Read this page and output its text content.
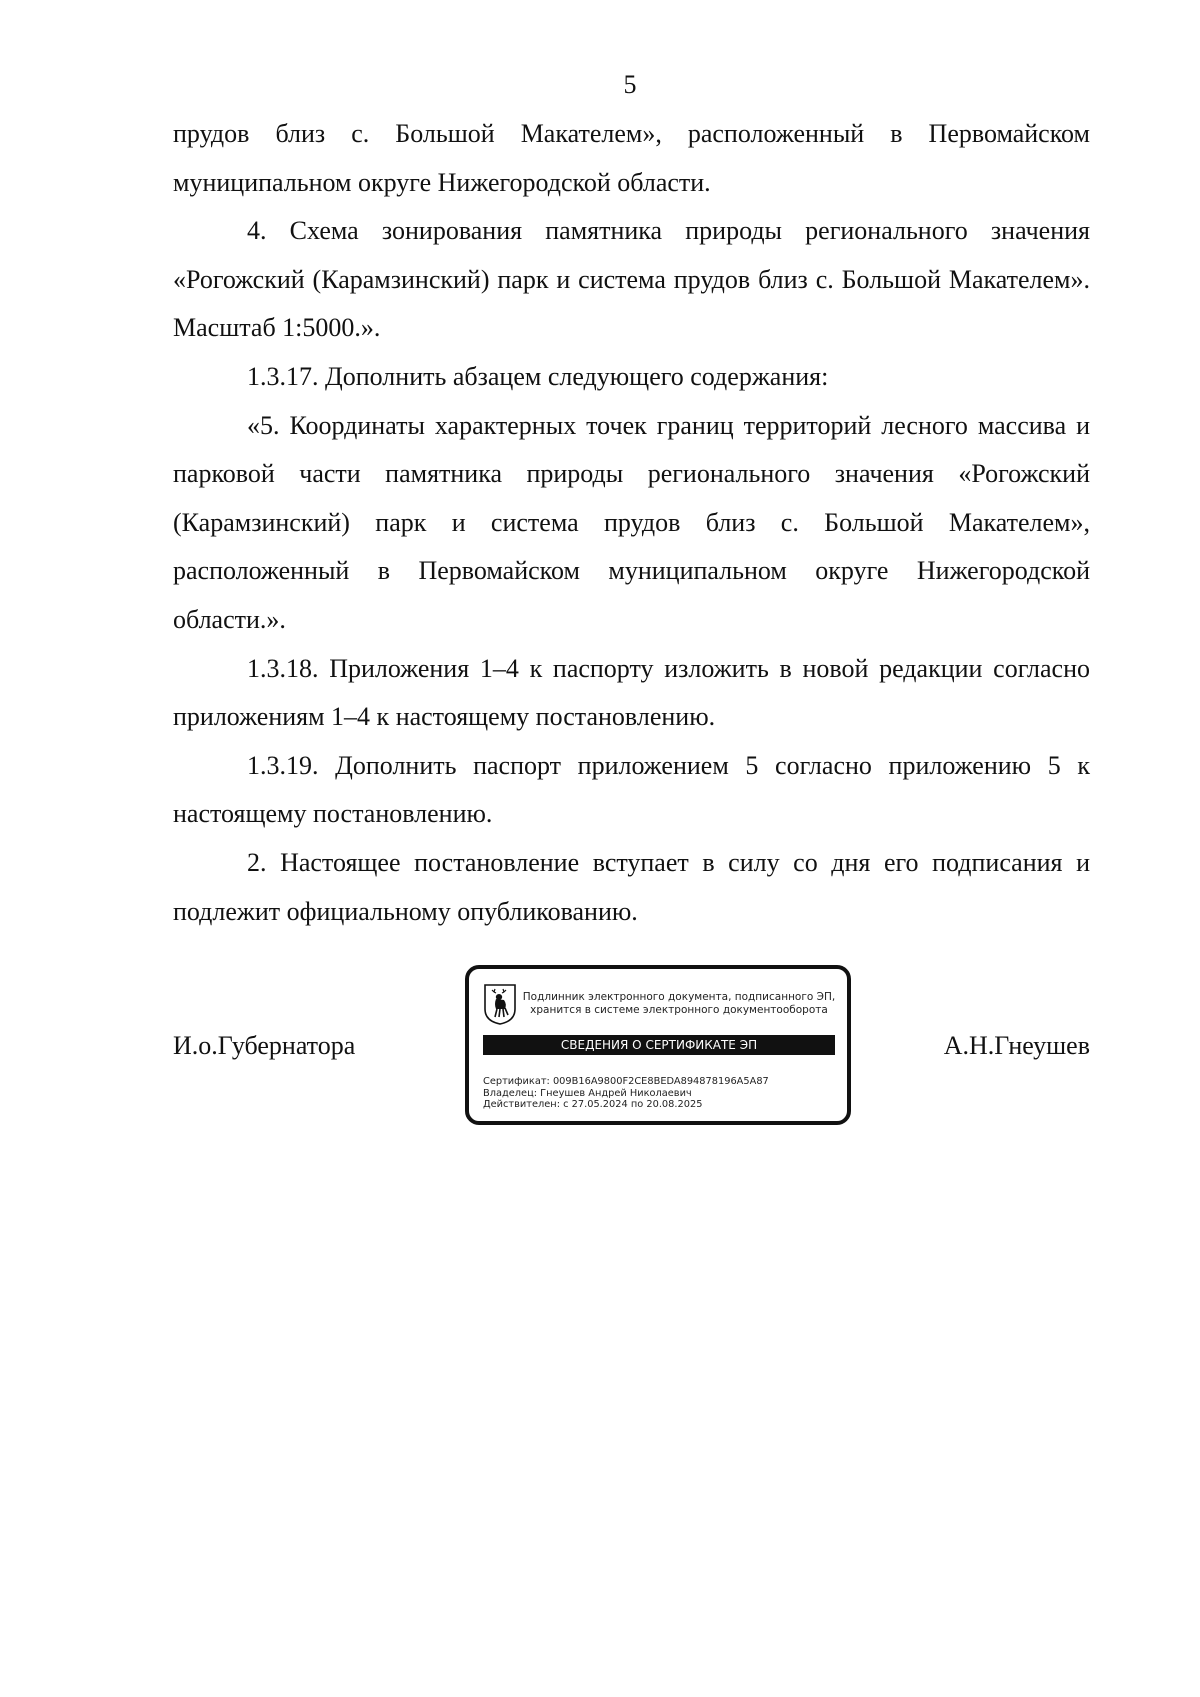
5

прудов близ с. Большой Макателем», расположенный в Первомайском муниципальном округе Нижегородской области.

4. Схема зонирования памятника природы регионального значения «Рогожский (Карамзинский) парк и система прудов близ с. Большой Макателем». Масштаб 1:5000.».

1.3.17. Дополнить абзацем следующего содержания:

«5. Координаты характерных точек границ территорий лесного массива и парковой части памятника природы регионального значения «Рогожский (Карамзинский) парк и система прудов близ с. Большой Макателем», расположенный в Первомайском муниципальном округе Нижегородской области.».

1.3.18. Приложения 1–4 к паспорту изложить в новой редакции согласно приложениям 1–4 к настоящему постановлению.

1.3.19. Дополнить паспорт приложением 5 согласно приложению 5 к настоящему постановлению.

2. Настоящее постановление вступает в силу со дня его подписания и подлежит официальному опубликованию.

И.о.Губернатора
Подлинник электронного документа, подписанного ЭП,
хранится в системе электронного документооборота
СВЕДЕНИЯ О СЕРТИФИКАТЕ ЭП
Сертификат: 009B16A9800F2CE8BEDA894878196A5A87
Владелец: Гнеушев Андрей Николаевич
Действителен: с 27.05.2024 по 20.08.2025
А.Н.Гнеушев
